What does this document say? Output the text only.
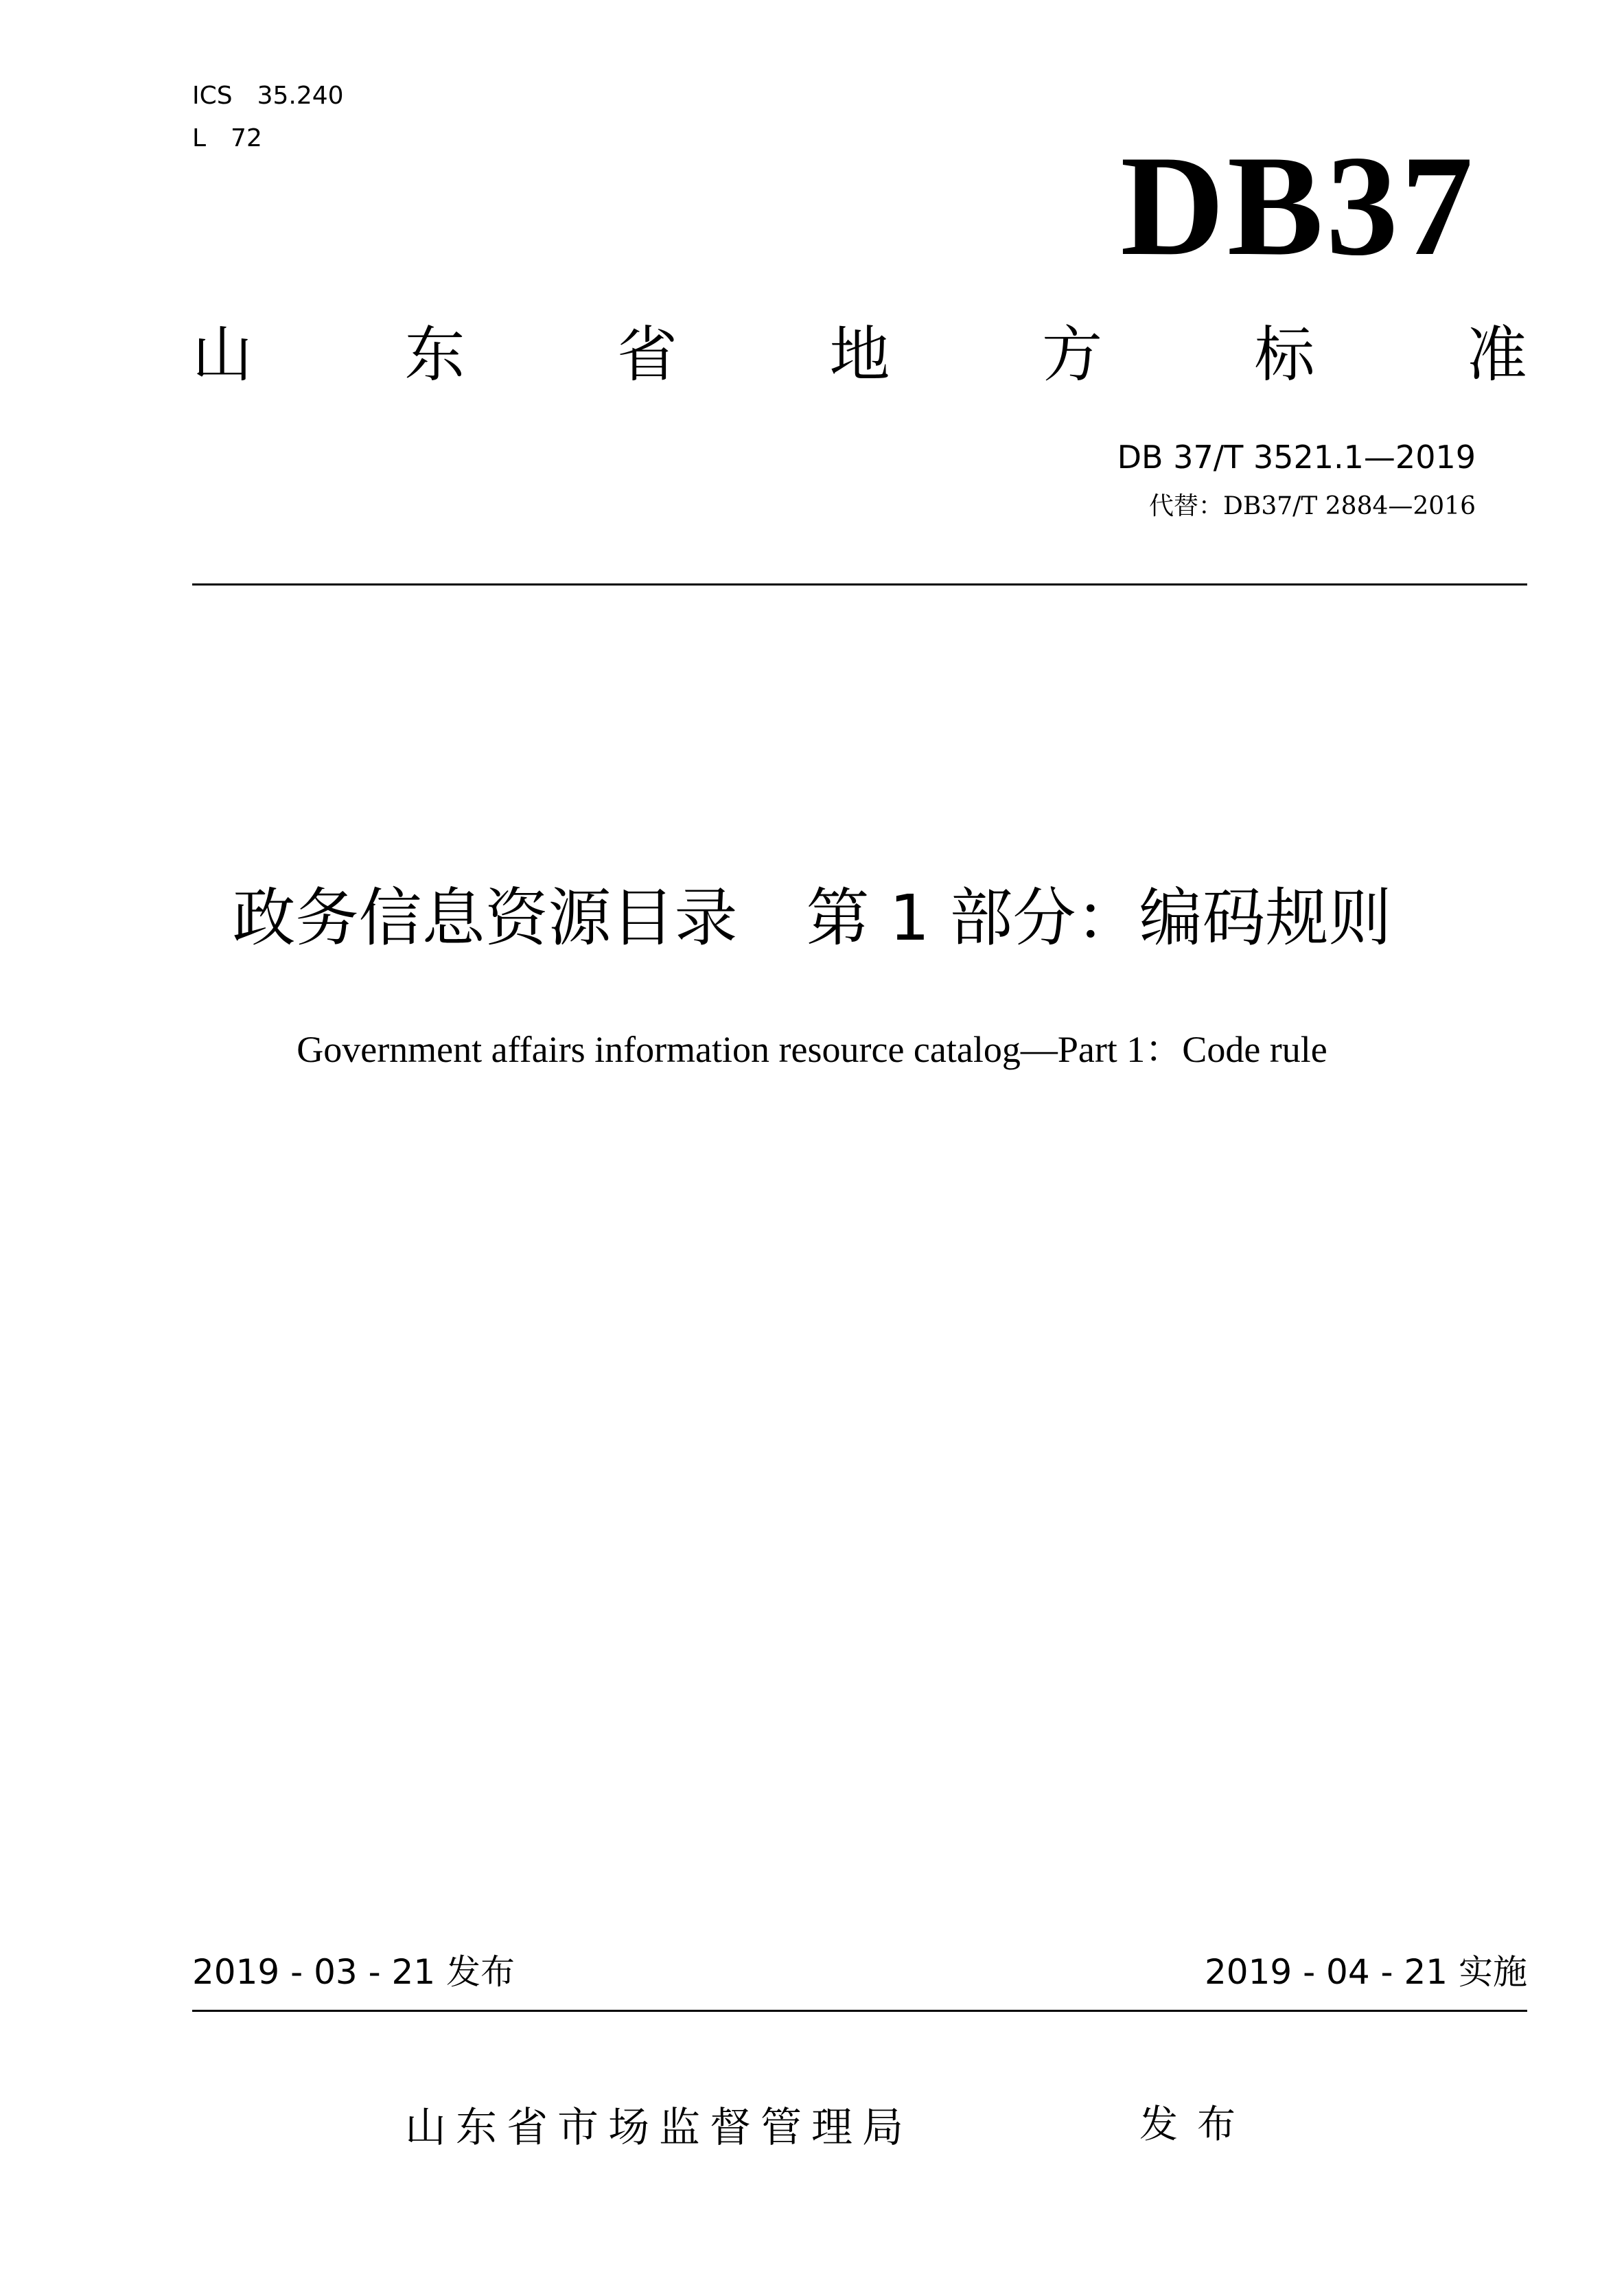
ICS　35.240
L　72	DB37
山	东	省	地	方	标	准
DB 37/T 3521.1—2019
代替：DB37/T 2884—2016
政务信息资源目录 第 1 部分：编码规则
Government affairs information resource catalog—Part 1：Code rule
2019 - 03 - 21 发布	2019 - 04 - 21 实施
山东省市场监督管理局	发布
